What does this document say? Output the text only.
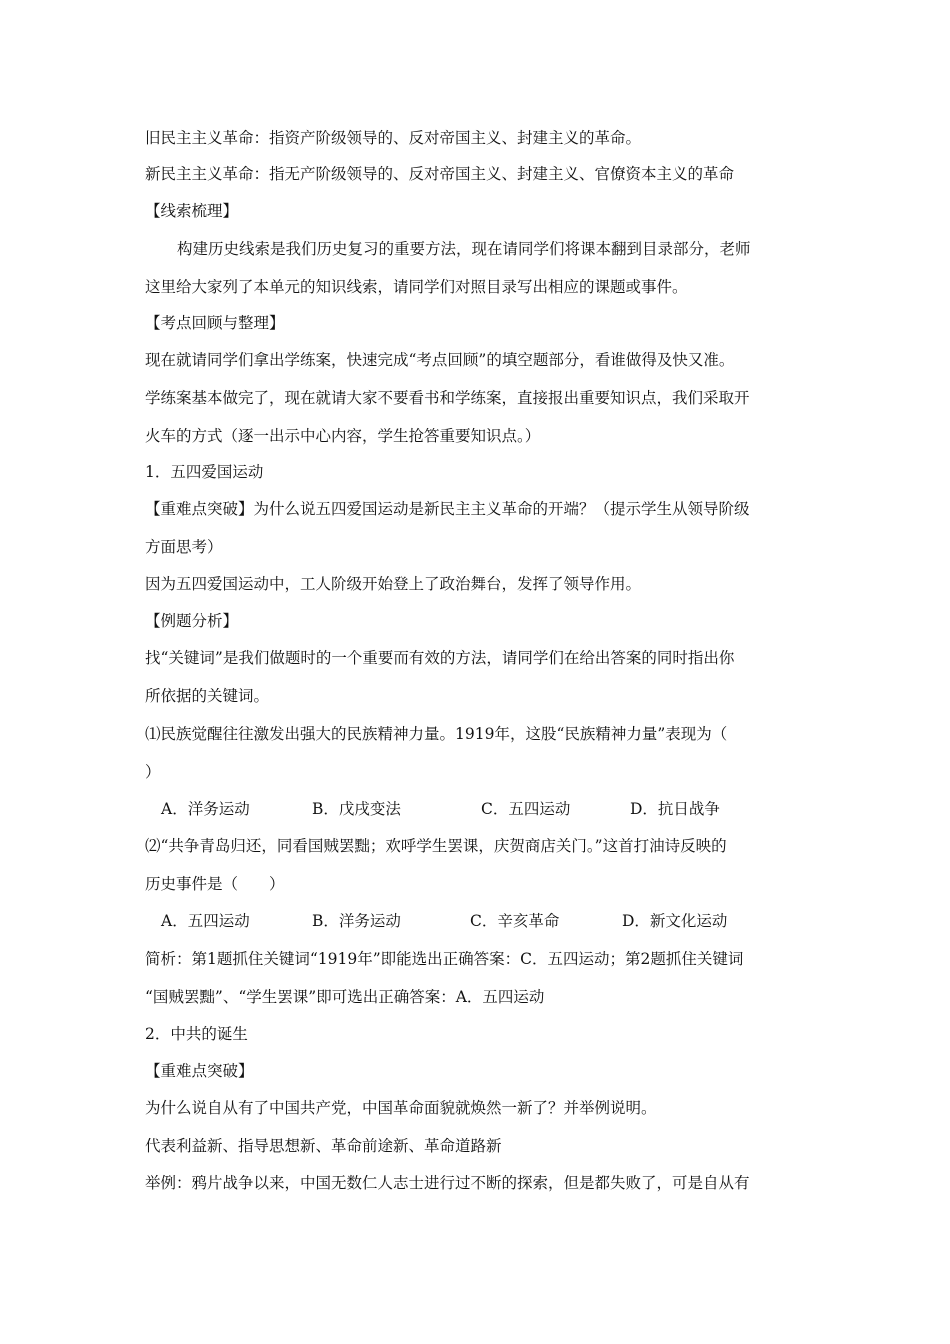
旧民主主义革命：指资产阶级领导的、反对帝国主义、封建主义的革命。
新民主主义革命：指无产阶级领导的、反对帝国主义、封建主义、官僚资本主义的革命
【线索梳理】
构建历史线索是我们历史复习的重要方法，现在请同学们将课本翻到目录部分，老师
这里给大家列了本单元的知识线索，请同学们对照目录写出相应的课题或事件。
【考点回顾与整理】
现在就请同学们拿出学练案，快速完成“考点回顾”的填空题部分，看谁做得及快又准。
学练案基本做完了，现在就请大家不要看书和学练案，直接报出重要知识点，我们采取开
火车的方式（逐一出示中心内容，学生抢答重要知识点。）
1．五四爱国运动
【重难点突破】为什么说五四爱国运动是新民主主义革命的开端？（提示学生从领导阶级
方面思考）
因为五四爱国运动中，工人阶级开始登上了政治舞台，发挥了领导作用。
【例题分析】
找“关键词”是我们做题时的一个重要而有效的方法，请同学们在给出答案的同时指出你
所依据的关键词。
⑴民族觉醒往往激发出强大的民族精神力量。1919年，这股“民族精神力量”表现为（
）
A．洋务运动	B．戊戌变法	C．五四运动	D．抗日战争
⑵“共争青岛归还，同看国贼罢黜；欢呼学生罢课，庆贺商店关门。”这首打油诗反映的
历史事件是（　　）
A．五四运动	B．洋务运动	C．辛亥革命	D．新文化运动
简析：第1题抓住关键词“1919年”即能选出正确答案：C．五四运动；第2题抓住关键词
“国贼罢黜”、“学生罢课”即可选出正确答案：A．五四运动
2．中共的诞生
【重难点突破】
为什么说自从有了中国共产党，中国革命面貌就焕然一新了？并举例说明。
代表利益新、指导思想新、革命前途新、革命道路新
举例：鸦片战争以来，中国无数仁人志士进行过不断的探索，但是都失败了，可是自从有
